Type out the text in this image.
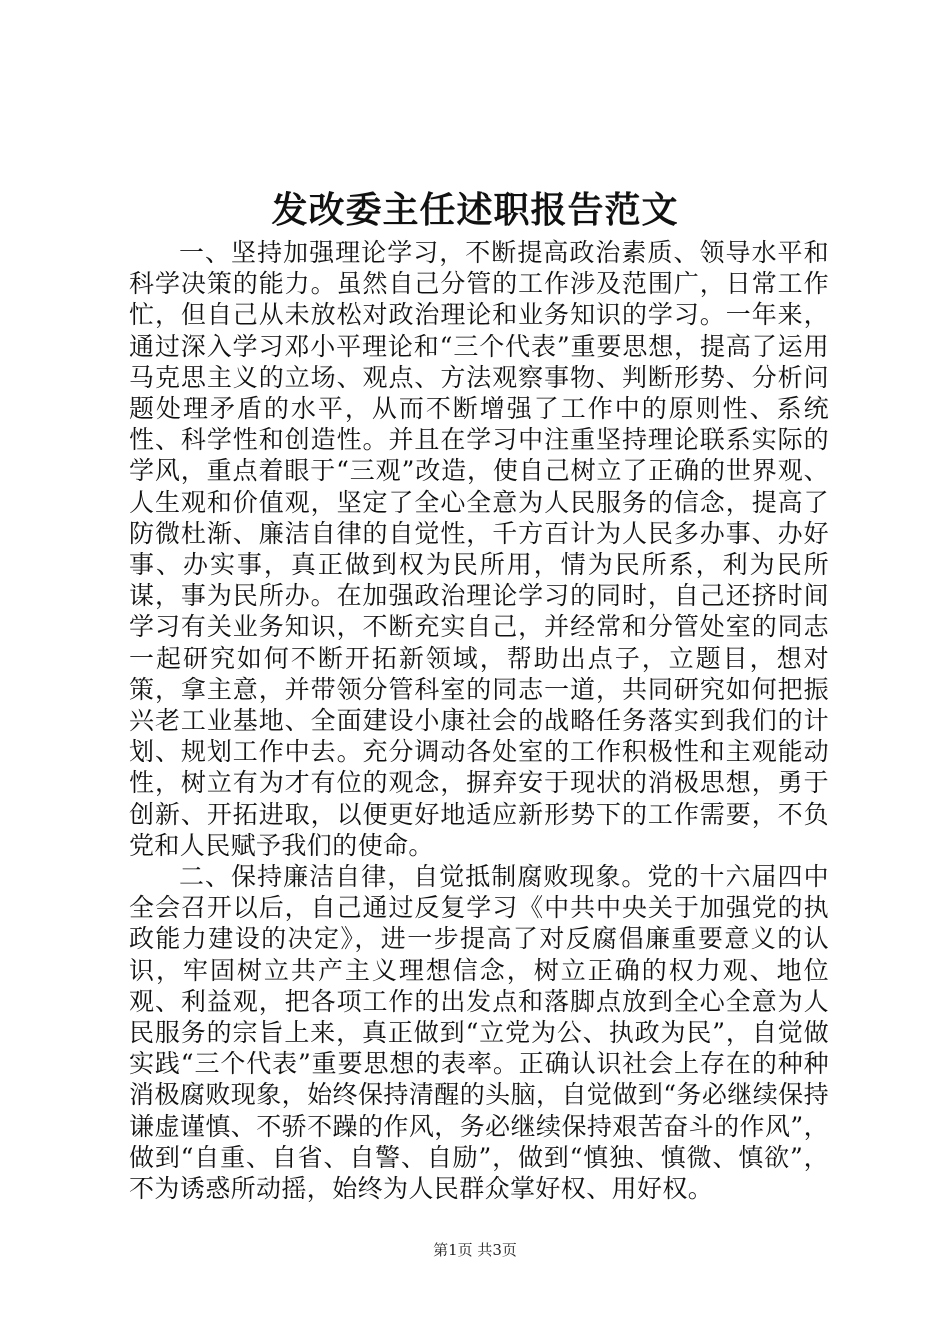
发改委主任述职报告范文

一、坚持加强理论学习，不断提高政治素质、领导水平和科学决策的能力。虽然自己分管的工作涉及范围广，日常工作忙，但自己从未放松对政治理论和业务知识的学习。一年来，通过深入学习邓小平理论和“三个代表”重要思想，提高了运用马克思主义的立场、观点、方法观察事物、判断形势、分析问题处理矛盾的水平，从而不断增强了工作中的原则性、系统性、科学性和创造性。并且在学习中注重坚持理论联系实际的学风，重点着眼于“三观”改造，使自己树立了正确的世界观、人生观和价值观，坚定了全心全意为人民服务的信念，提高了防微杜渐、廉洁自律的自觉性，千方百计为人民多办事、办好事、办实事，真正做到权为民所用，情为民所系，利为民所谋，事为民所办。在加强政治理论学习的同时，自己还挤时间学习有关业务知识，不断充实自己，并经常和分管处室的同志一起研究如何不断开拓新领域，帮助出点子，立题目，想对策，拿主意，并带领分管科室的同志一道，共同研究如何把振兴老工业基地、全面建设小康社会的战略任务落实到我们的计划、规划工作中去。充分调动各处室的工作积极性和主观能动性，树立有为才有位的观念，摒弃安于现状的消极思想，勇于创新、开拓进取，以便更好地适应新形势下的工作需要，不负党和人民赋予我们的使命。

二、保持廉洁自律，自觉抵制腐败现象。党的十六届四中全会召开以后，自己通过反复学习《中共中央关于加强党的执政能力建设的决定》，进一步提高了对反腐倡廉重要意义的认识，牢固树立共产主义理想信念，树立正确的权力观、地位观、利益观，把各项工作的出发点和落脚点放到全心全意为人民服务的宗旨上来，真正做到“立党为公、执政为民”，自觉做实践“三个代表”重要思想的表率。正确认识社会上存在的种种消极腐败现象，始终保持清醒的头脑，自觉做到“务必继续保持谦虚谨慎、不骄不躁的作风，务必继续保持艰苦奋斗的作风”，做到“自重、自省、自警、自励”，做到“慎独、慎微、慎欲”，不为诱惑所动摇，始终为人民群众掌好权、用好权。

第1页 共3页
